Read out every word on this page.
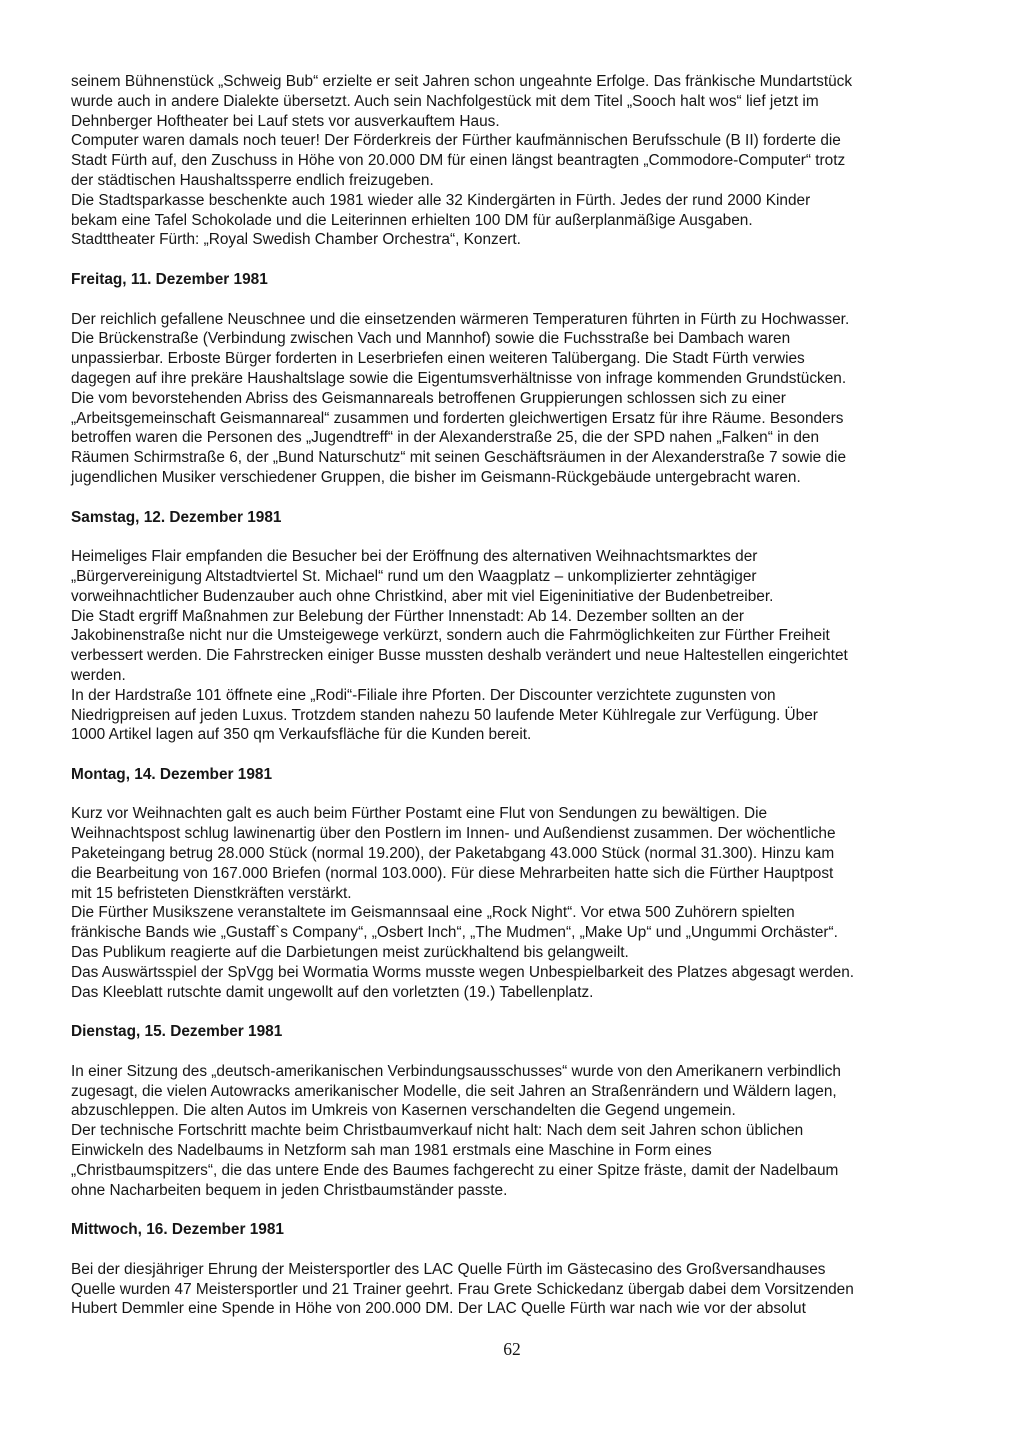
seinem Bühnenstück „Schweig Bub“ erzielte er seit Jahren schon ungeahnte Erfolge. Das fränkische Mundartstück

wurde auch in andere Dialekte übersetzt. Auch sein Nachfolgestück mit dem Titel „Sooch halt wos“ lief jetzt im

Dehnberger Hoftheater bei Lauf stets vor ausverkauftem Haus.

Computer waren damals noch teuer! Der Förderkreis der Fürther kaufmännischen Berufsschule (B II) forderte die

Stadt Fürth auf, den Zuschuss in Höhe von 20.000 DM für einen längst beantragten „Commodore-Computer“ trotz

der städtischen Haushaltssperre endlich freizugeben.

Die Stadtsparkasse beschenkte auch 1981 wieder alle 32 Kindergärten in Fürth. Jedes der rund 2000 Kinder

bekam eine Tafel Schokolade und die Leiterinnen erhielten 100 DM für außerplanmäßige Ausgaben.

Stadttheater Fürth: „Royal Swedish Chamber Orchestra“, Konzert.

Freitag, 11. Dezember 1981

Der reichlich gefallene Neuschnee und die einsetzenden wärmeren Temperaturen führten in Fürth zu Hochwasser.

Die Brückenstraße (Verbindung zwischen Vach und Mannhof) sowie die Fuchsstraße bei Dambach waren

unpassierbar. Erboste Bürger forderten in Leserbriefen einen weiteren Talübergang. Die Stadt Fürth verwies

dagegen auf ihre prekäre Haushaltslage sowie die Eigentumsverhältnisse von infrage kommenden Grundstücken.

Die vom bevorstehenden Abriss des Geismannareals betroffenen Gruppierungen schlossen sich zu einer

„Arbeitsgemeinschaft Geismannareal“ zusammen und forderten gleichwertigen Ersatz für ihre Räume. Besonders

betroffen waren die Personen des „Jugendtreff“ in der Alexanderstraße 25, die der SPD nahen „Falken“ in den

Räumen Schirmstraße 6, der „Bund Naturschutz“ mit seinen Geschäftsräumen in der Alexanderstraße 7 sowie die

jugendlichen Musiker verschiedener Gruppen, die bisher im Geismann-Rückgebäude untergebracht waren.

Samstag, 12. Dezember 1981

Heimeliges Flair empfanden die Besucher bei der Eröffnung des alternativen Weihnachtsmarktes der

„Bürgervereinigung Altstadtviertel St. Michael“ rund um den Waagplatz – unkomplizierter zehntägiger

vorweihnachtlicher Budenzauber auch ohne Christkind, aber mit viel Eigeninitiative der Budenbetreiber.

Die Stadt ergriff Maßnahmen zur Belebung der Fürther Innenstadt: Ab 14. Dezember sollten an der

Jakobinenstraße nicht nur die Umsteigewege verkürzt, sondern auch die Fahrmöglichkeiten zur Fürther Freiheit

verbessert werden. Die Fahrstrecken einiger Busse mussten deshalb verändert und neue Haltestellen eingerichtet

werden.

In der Hardstraße 101 öffnete eine „Rodi“-Filiale ihre Pforten. Der Discounter verzichtete zugunsten von

Niedrigpreisen auf jeden Luxus. Trotzdem standen nahezu 50 laufende Meter Kühlregale zur Verfügung. Über

1000 Artikel lagen auf 350 qm Verkaufsfläche für die Kunden bereit.

Montag, 14. Dezember 1981

Kurz vor Weihnachten galt es auch beim Fürther Postamt eine Flut von Sendungen zu bewältigen. Die

Weihnachtspost schlug lawinenartig über den Postlern im Innen- und Außendienst zusammen. Der wöchentliche

Paketeingang betrug 28.000 Stück (normal 19.200), der Paketabgang 43.000 Stück (normal 31.300). Hinzu kam

die Bearbeitung von 167.000 Briefen (normal 103.000). Für diese Mehrarbeiten hatte sich die Fürther Hauptpost

mit 15 befristeten Dienstkräften verstärkt.

Die Fürther Musikszene veranstaltete im Geismannsaal eine „Rock Night“. Vor etwa 500 Zuhörern spielten

fränkische Bands wie „Gustaff`s Company“, „Osbert Inch“, „The Mudmen“, „Make Up“ und „Ungummi Orchäster“.

Das Publikum reagierte auf die Darbietungen meist zurückhaltend bis gelangweilt.

Das Auswärtsspiel der SpVgg bei Wormatia Worms musste wegen Unbespielbarkeit des Platzes abgesagt werden.

Das Kleeblatt rutschte damit ungewollt auf den vorletzten (19.) Tabellenplatz.

Dienstag, 15. Dezember 1981

In einer Sitzung des „deutsch-amerikanischen Verbindungsausschusses“ wurde von den Amerikanern verbindlich

zugesagt, die vielen Autowracks amerikanischer Modelle, die seit Jahren an Straßenrändern und Wäldern lagen,

abzuschleppen. Die alten Autos im Umkreis von Kasernen verschandelten die Gegend ungemein.

Der technische Fortschritt machte beim Christbaumverkauf nicht halt: Nach dem seit Jahren schon üblichen

Einwickeln des Nadelbaums in Netzform sah man 1981 erstmals eine Maschine in Form eines

„Christbaumspitzers“, die das untere Ende des Baumes fachgerecht zu einer Spitze fräste, damit der Nadelbaum

ohne Nacharbeiten bequem in jeden Christbaumständer passte.

Mittwoch, 16. Dezember 1981

Bei der diesjähriger Ehrung der Meistersportler des LAC Quelle Fürth im Gästecasino des Großversandhauses

Quelle wurden 47 Meistersportler und 21 Trainer geehrt. Frau Grete Schickedanz übergab dabei dem Vorsitzenden

Hubert Demmler eine Spende in Höhe von 200.000 DM. Der LAC Quelle Fürth war nach wie vor der absolut

62
